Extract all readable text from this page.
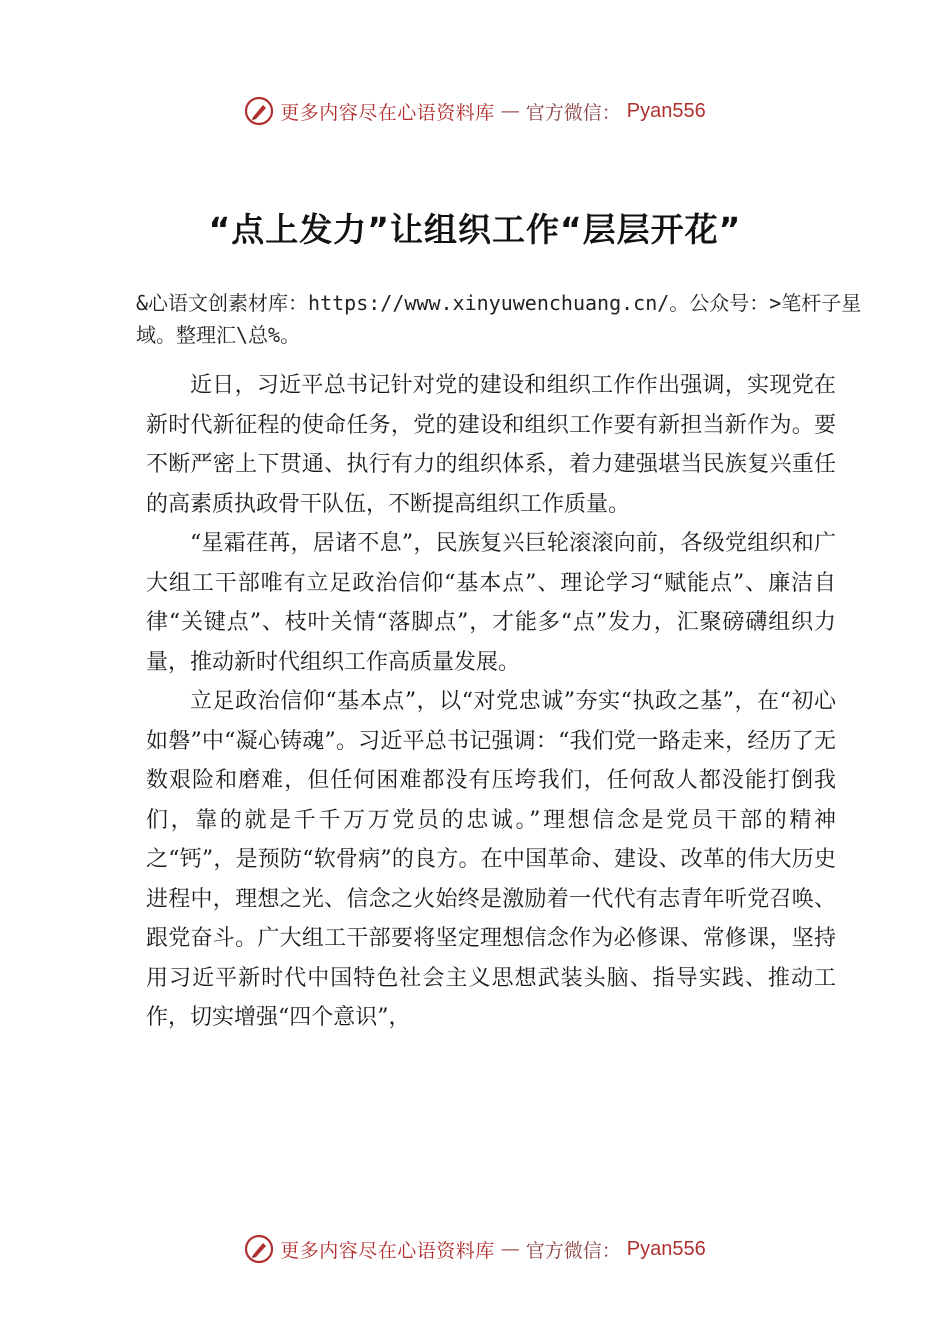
更多内容尽在心语资料库 — 官方微信： Pyan556
“点上发力”让组织工作“层层开花”
&心语文创素材库：https://www.xinyuwenchuang.cn/。公众号：>笔杆子星域。整理汇\总%。

近日，习近平总书记针对党的建设和组织工作作出强调，实现党在新时代新征程的使命任务，党的建设和组织工作要有新担当新作为。要不断严密上下贯通、执行有力的组织体系，着力建强堪当民族复兴重任的高素质执政骨干队伍，不断提高组织工作质量。

“星霜荏苒，居诸不息”，民族复兴巨轮滚滚向前，各级党组织和广大组工干部唯有立足政治信仰“基本点”、理论学习“赋能点”、廉洁自律“关键点”、枝叶关情“落脚点”，才能多“点”发力，汇聚磅礴组织力量，推动新时代组织工作高质量发展。

立足政治信仰“基本点”，以“对党忠诚”夯实“执政之基”，在“初心如磐”中“凝心铸魂”。习近平总书记强调：“我们党一路走来，经历了无数艰险和磨难，但任何困难都没有压垮我们，任何敌人都没能打倒我们，靠的就是千千万万党员的忠诚。”理想信念是党员干部的精神之“钙”，是预防“软骨病”的良方。在中国革命、建设、改革的伟大历史进程中，理想之光、信念之火始终是激励着一代代有志青年听党召唤、跟党奋斗。广大组工干部要将坚定理想信念作为必修课、常修课，坚持用习近平新时代中国特色社会主义思想武装头脑、指导实践、推动工作，切实增强“四个意识”，

更多内容尽在心语资料库 — 官方微信： Pyan556
